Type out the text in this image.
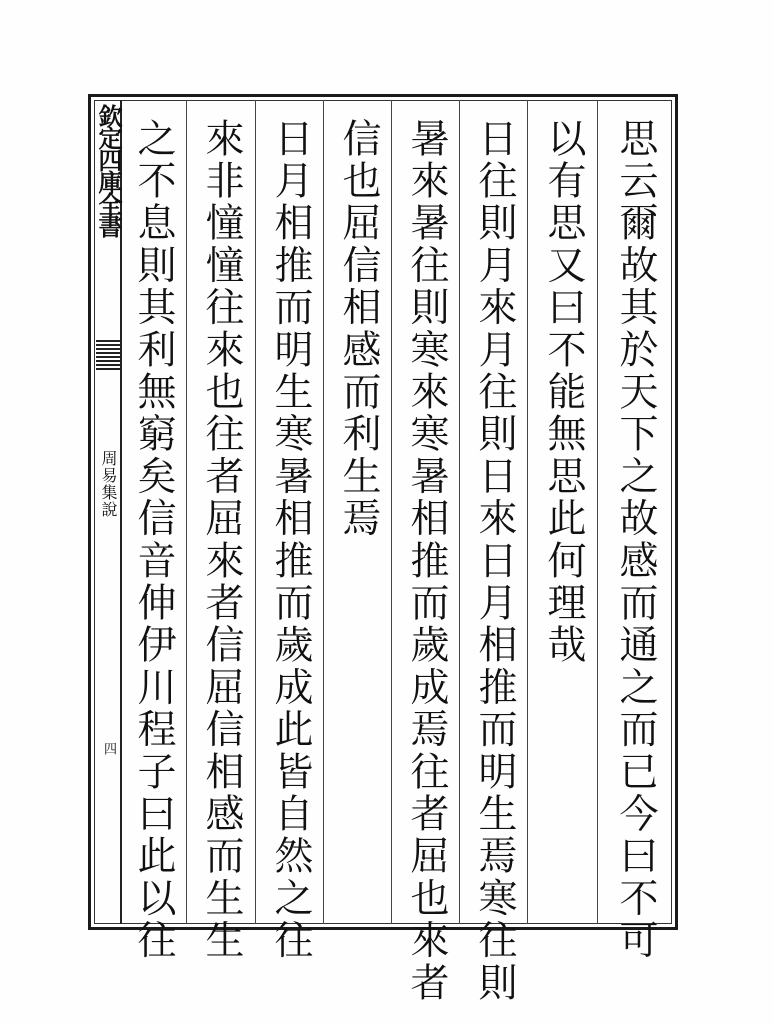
欽定四庫全書
周易集說
四	思云爾故其於天下之故感而通之而已今曰不可
以有思又曰不能無思此何理哉
日往則月來月往則日來日月相推而明生焉寒往則
暑來暑往則寒來寒暑相推而歲成焉往者屈也來者
信也屈信相感而利生焉
日月相推而明生寒暑相推而歲成此皆自然之往
來非憧憧往來也往者屈來者信屈信相感而生生
之不息則其利無窮矣信音伸伊川程子曰此以往
